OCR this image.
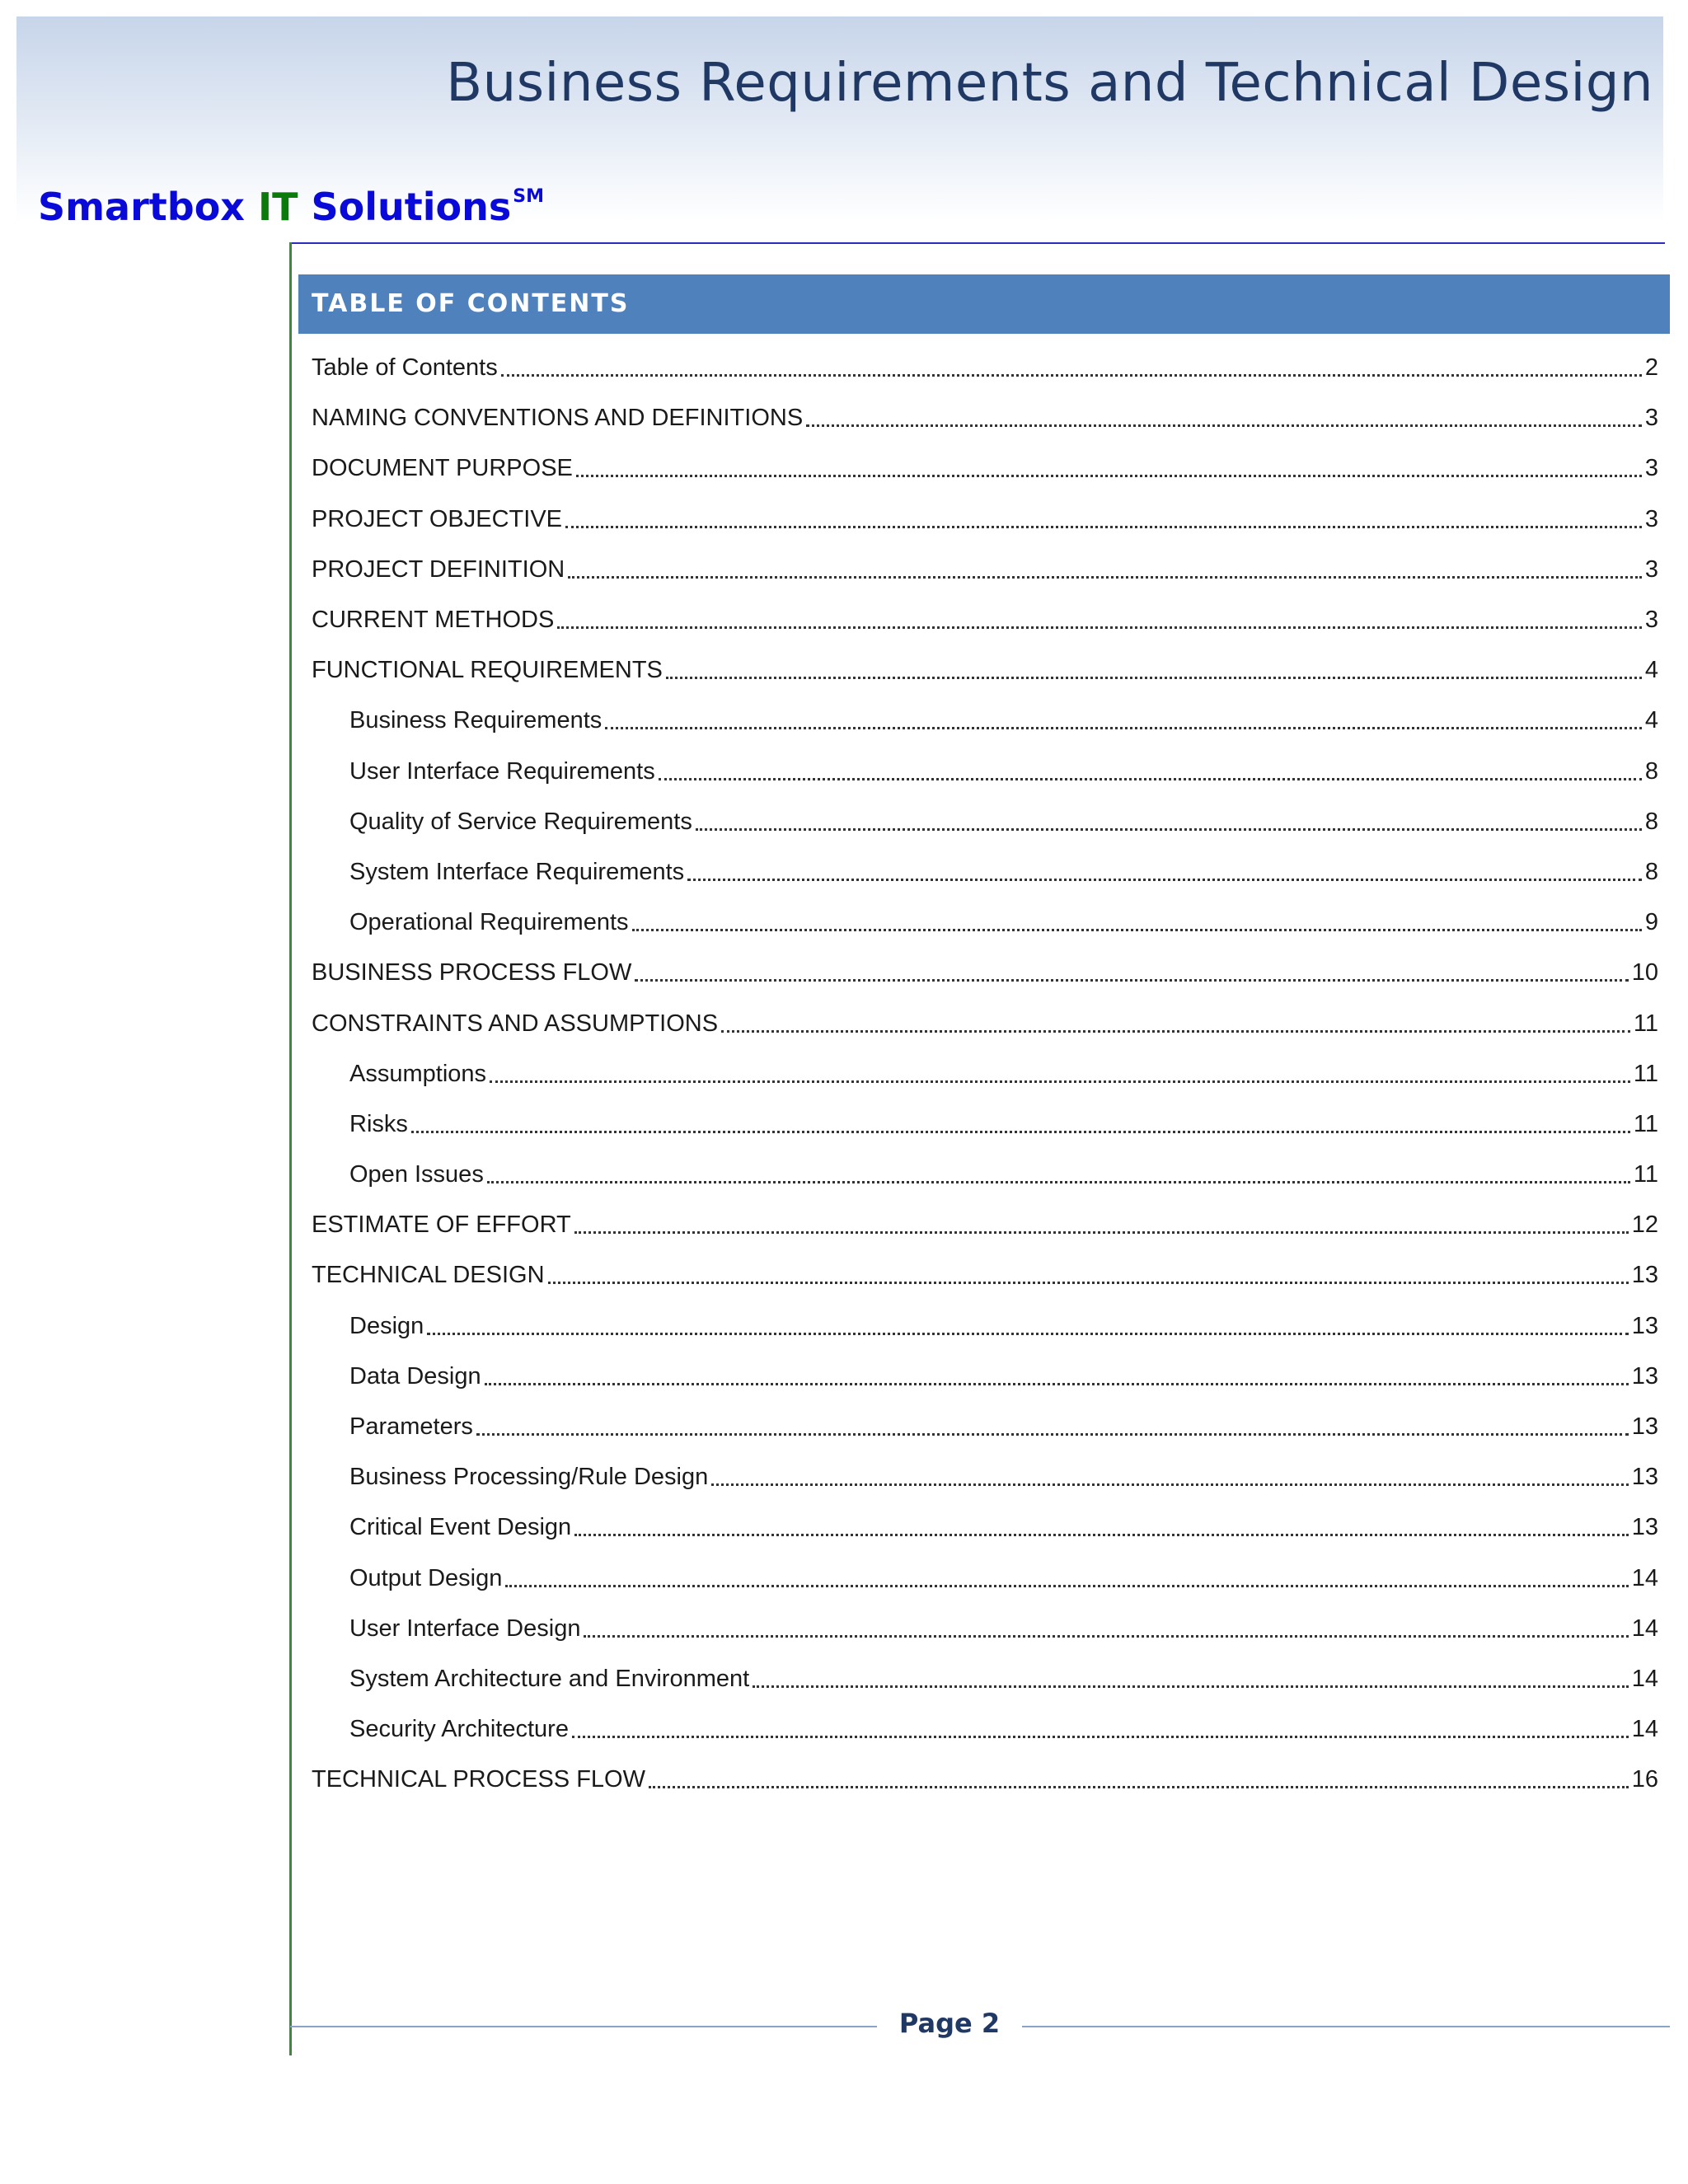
Business Requirements and Technical Design
Smartbox IT Solutions℠
TABLE OF CONTENTS
Table of Contents	2
NAMING CONVENTIONS AND DEFINITIONS	3
DOCUMENT PURPOSE	3
PROJECT OBJECTIVE	3
PROJECT DEFINITION	3
CURRENT METHODS	3
FUNCTIONAL REQUIREMENTS	4
Business Requirements	4
User Interface Requirements	8
Quality of Service Requirements	8
System Interface Requirements	8
Operational Requirements	9
BUSINESS PROCESS FLOW	10
CONSTRAINTS AND ASSUMPTIONS	11
Assumptions	11
Risks	11
Open Issues	11
ESTIMATE OF EFFORT	12
TECHNICAL DESIGN	13
Design	13
Data Design	13
Parameters	13
Business Processing/Rule Design	13
Critical Event Design	13
Output Design	14
User Interface Design	14
System Architecture and Environment	14
Security Architecture	14
TECHNICAL PROCESS FLOW	16
Page 2
